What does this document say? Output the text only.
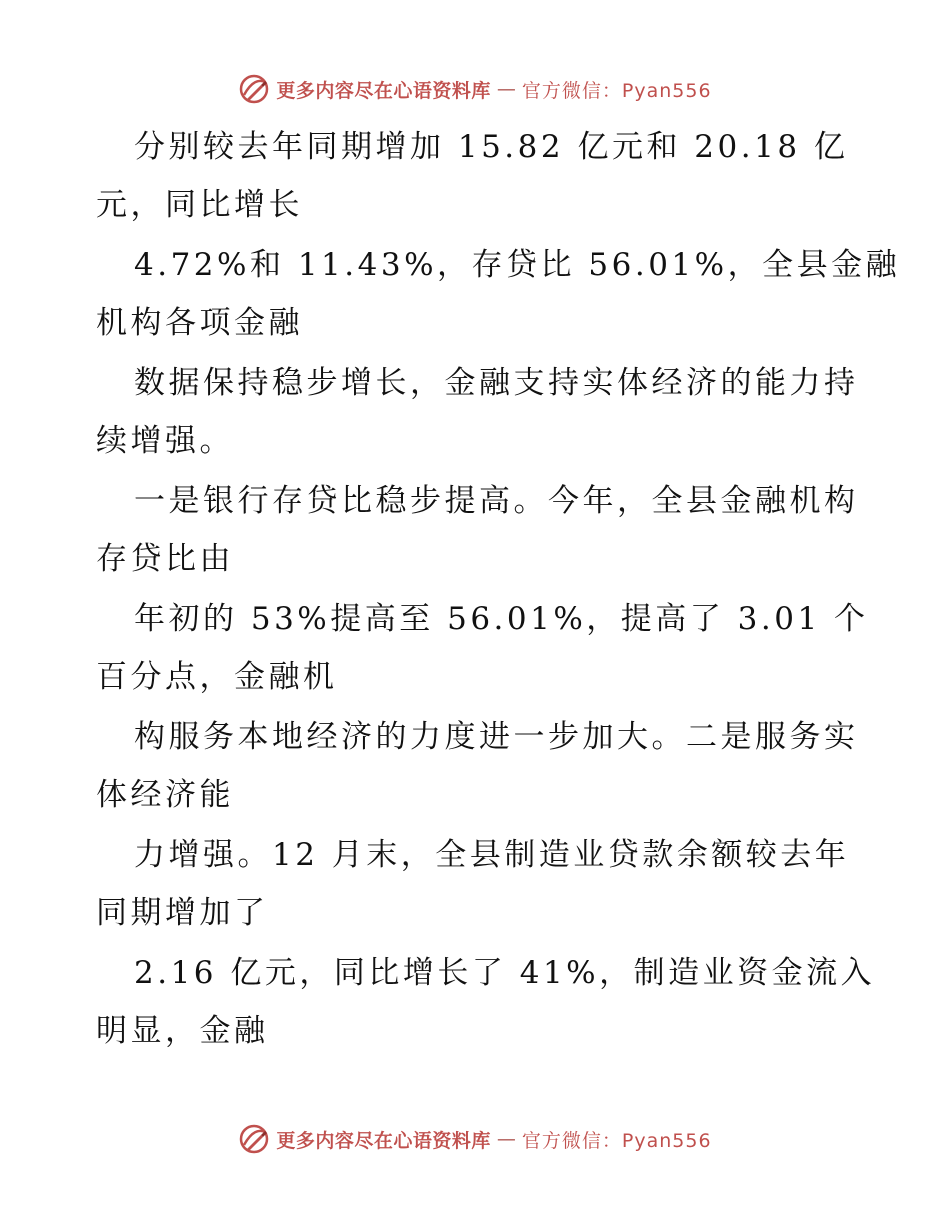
更多内容尽在心语资料库 — 官方微信：Pyan556
分别较去年同期增加 15.82 亿元和 20.18 亿
元，同比增长
4.72%和 11.43%，存贷比 56.01%，全县金融
机构各项金融
数据保持稳步增长，金融支持实体经济的能力持
续增强。
一是银行存贷比稳步提高。今年，全县金融机构
存贷比由
年初的 53%提高至 56.01%，提高了 3.01 个
百分点，金融机
构服务本地经济的力度进一步加大。二是服务实
体经济能
力增强。12 月末，全县制造业贷款余额较去年
同期增加了
2.16 亿元，同比增长了 41%，制造业资金流入
明显，金融
更多内容尽在心语资料库 — 官方微信：Pyan556
